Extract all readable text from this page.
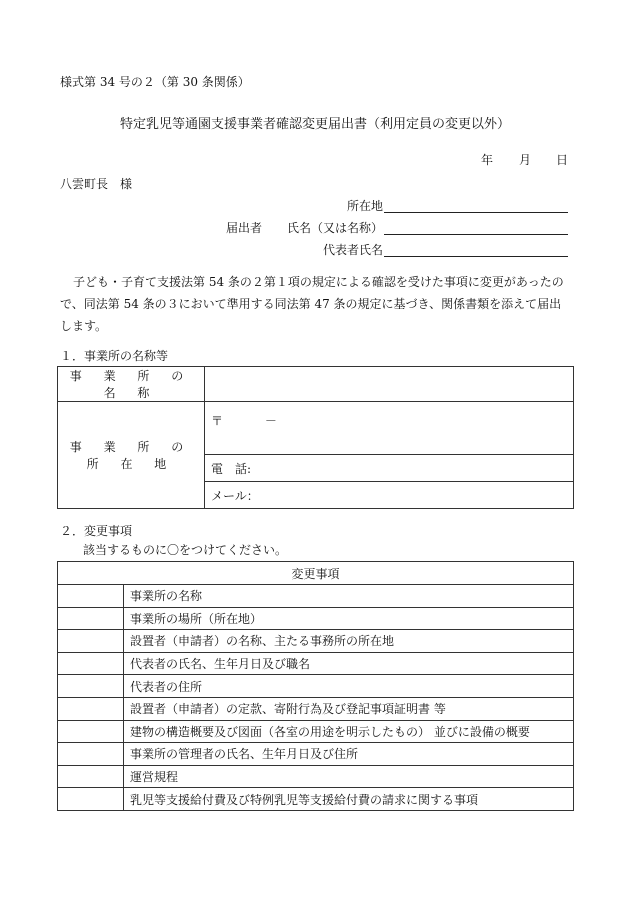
様式第 34 号の２（第 30 条関係）
特定乳児等通園支援事業者確認変更届出書（利用定員の変更以外）
年 月 日
八雲町長　様
所在地
届出者 氏名（又は名称）
代表者氏名
子ども・子育て支援法第 54 条の２第１項の規定による確認を受けた事項に変更があったの
で、同法第 54 条の３において準用する同法第 47 条の規定に基づき、関係書類を添えて届出
します。
１．事業所の名称等
事 業 所 の 名 称	
事 業 所 の 所 在 地	〒 －
	電　話:
	メール：
２．変更事項
該当するものに〇をつけてください。
変更事項	
	事業所の名称
	事業所の場所（所在地）
	設置者（申請者）の名称、主たる事務所の所在地
	代表者の氏名、生年月日及び職名
	代表者の住所
	設置者（申請者）の定款、寄附行為及び登記事項証明書 等
	建物の構造概要及び図面（各室の用途を明示したもの） 並びに設備の概要
	事業所の管理者の氏名、生年月日及び住所
	運営規程
	乳児等支援給付費及び特例乳児等支援給付費の請求に関する事項
